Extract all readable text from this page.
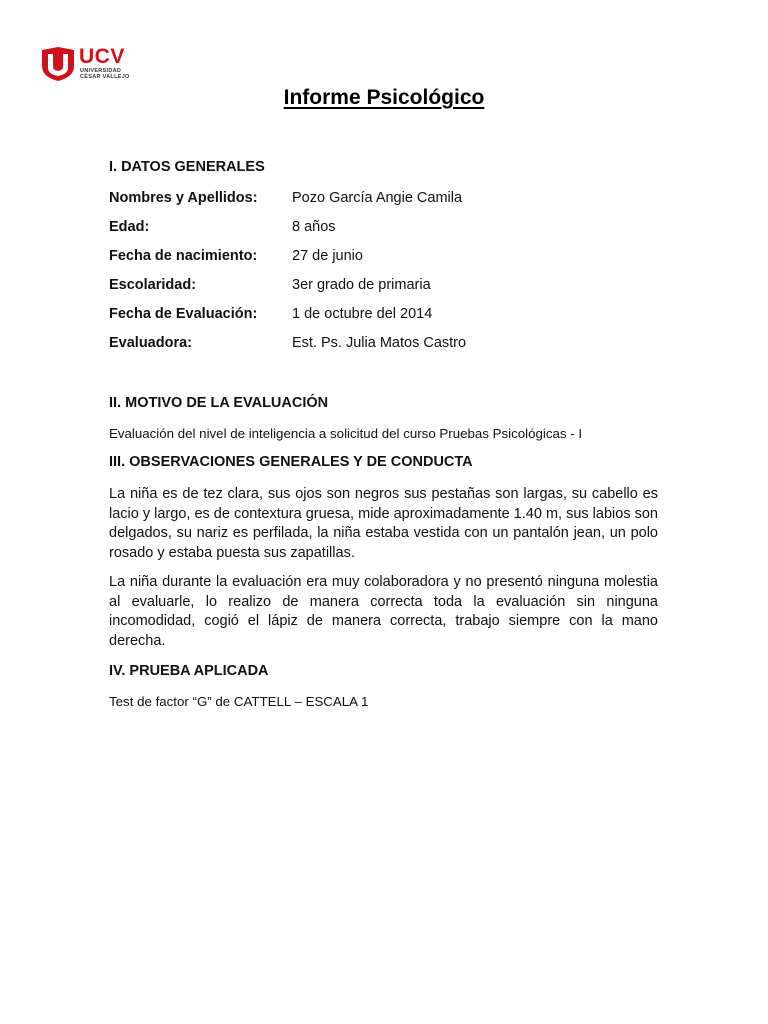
UCV
UNIVERSIDAD
CÉSAR VALLEJO
Informe Psicológico
I. DATOS GENERALES
Nombres y Apellidos: Pozo García Angie Camila
Edad:	8 años
Fecha de nacimiento: 27 de junio
Escolaridad:	3er grado de primaria
Fecha de Evaluación: 1 de octubre del 2014
Evaluadora:	Est. Ps. Julia Matos Castro
II. MOTIVO DE LA EVALUACIÓN
Evaluación del nivel de inteligencia a solicitud del curso Pruebas Psicológicas - I
III. OBSERVACIONES GENERALES Y DE CONDUCTA
La niña es de tez clara, sus ojos son negros sus pestañas son largas, su cabello es lacio y largo, es de contextura gruesa, mide aproximadamente 1.40 m, sus labios son delgados, su nariz es perfilada, la niña estaba vestida con un pantalón jean, un polo rosado y estaba puesta sus zapatillas.
La niña durante la evaluación era muy colaboradora y no presentó ninguna molestia al evaluarle, lo realizo de manera correcta toda la evaluación sin ninguna incomodidad, cogió el lápiz de manera correcta, trabajo siempre con la mano derecha.
IV. PRUEBA APLICADA
Test de factor “G” de CATTELL – ESCALA 1
